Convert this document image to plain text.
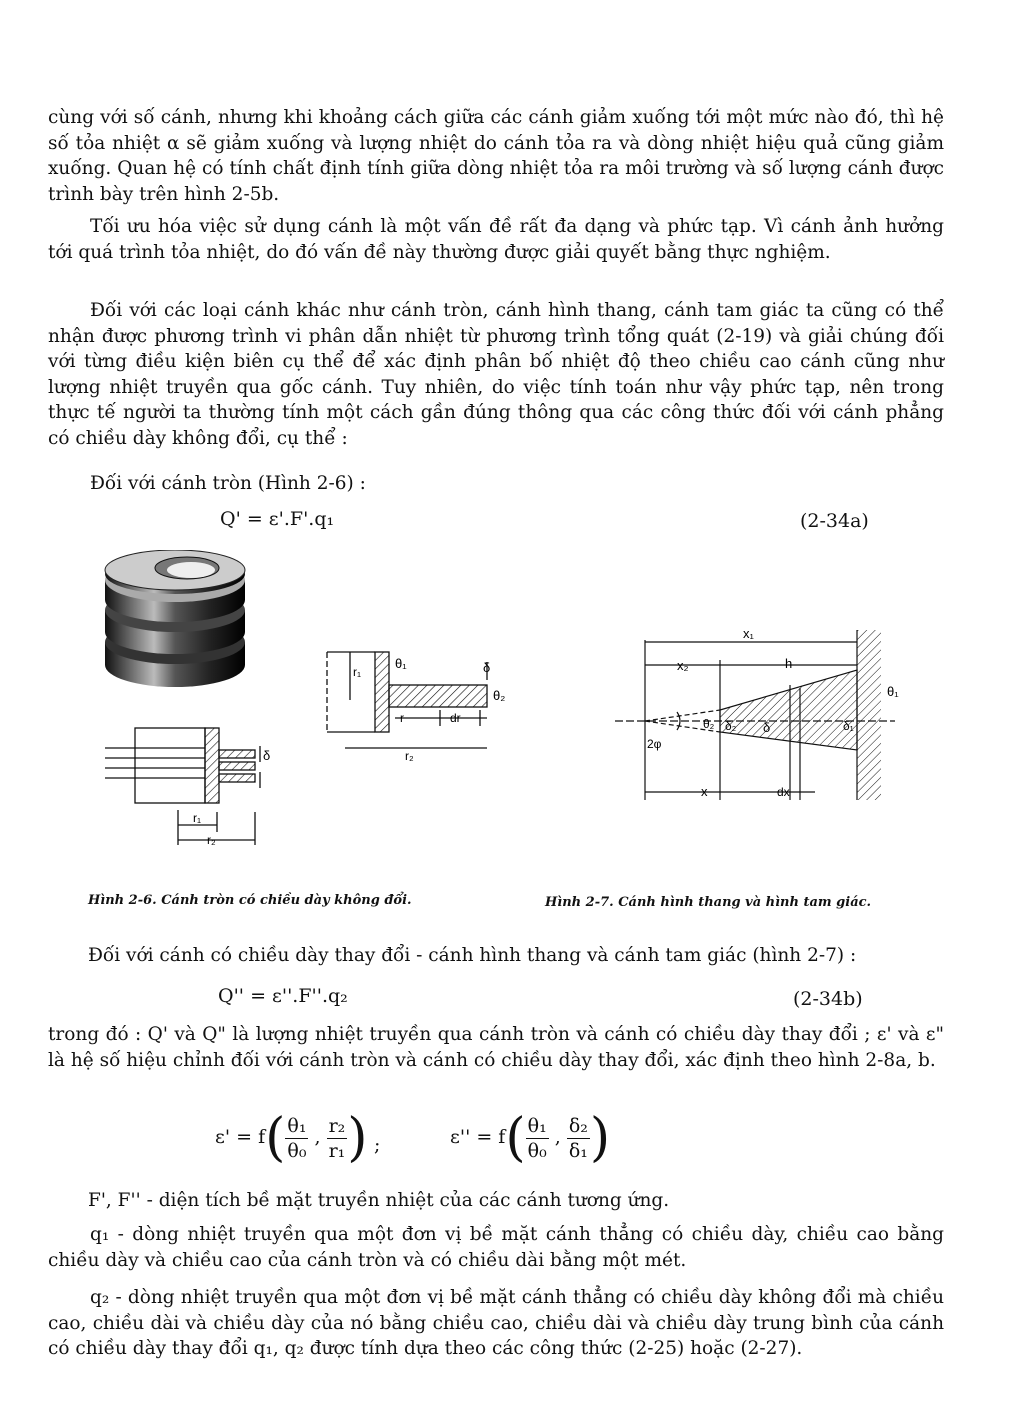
cùng với số cánh, nhưng khi khoảng cách giữa các cánh giảm xuống tới một mức nào đó, thì hệ số tỏa nhiệt α sẽ giảm xuống và lượng nhiệt do cánh tỏa ra và dòng nhiệt hiệu quả cũng giảm xuống. Quan hệ có tính chất định tính giữa dòng nhiệt tỏa ra môi trường và số lượng cánh được trình bày trên hình 2-5b.

Tối ưu hóa việc sử dụng cánh là một vấn đề rất đa dạng và phức tạp. Vì cánh ảnh hưởng tới quá trình tỏa nhiệt, do đó vấn đề này thường được giải quyết bằng thực nghiệm.

Đối với các loại cánh khác như cánh tròn, cánh hình thang, cánh tam giác ta cũng có thể nhận được phương trình vi phân dẫn nhiệt từ phương trình tổng quát (2-19) và giải chúng đối với từng điều kiện biên cụ thể để xác định phân bố nhiệt độ theo chiều cao cánh cũng như lượng nhiệt truyền qua gốc cánh. Tuy nhiên, do việc tính toán như vậy phức tạp, nên trong thực tế người ta thường tính một cách gần đúng thông qua các công thức đối với cánh phẳng có chiều dày không đổi, cụ thể :

Đối với cánh tròn (Hình 2-6) :

Q' = ε'.F'.q₁	(2-34a)
δ
r₁
r₂
r₁
θ₁	δ
θ₂
r	dr
r₂
x₁
x₂	h
θ₁
θ₂ δ₂ δ	δ₁
2φ
x	dx
Hình 2-6. Cánh tròn có chiều dày không đổi.	Hình 2-7. Cánh hình thang và hình tam giác.

Đối với cánh có chiều dày thay đổi - cánh hình thang và cánh tam giác (hình 2-7) :

Q'' = ε''.F''.q₂	(2-34b)

trong đó : Q' và Q" là lượng nhiệt truyền qua cánh tròn và cánh có chiều dày thay đổi ; ε' và ε" là hệ số hiệu chỉnh đối với cánh tròn và cánh có chiều dày thay đổi, xác định theo hình 2-8a, b.

$\varepsilon' = f( \frac{\text{θ₁}}{\text{θ₀}}$ , $\frac{\text{r₂}}{\text{r₁}}$ ) ;	$\varepsilon'' = f( \frac{\text{θ₁}}{\text{θ₀}}$ , $\frac{\text{δ₂}}{\text{δ₁}}$ )

F', F'' - diện tích bề mặt truyền nhiệt của các cánh tương ứng.

q₁ - dòng nhiệt truyền qua một đơn vị bề mặt cánh thẳng có chiều dày, chiều cao bằng chiều dày và chiều cao của cánh tròn và có chiều dài bằng một mét.

q₂ - dòng nhiệt truyền qua một đơn vị bề mặt cánh thẳng có chiều dày không đổi mà chiều cao, chiều dài và chiều dày của nó bằng chiều cao, chiều dài và chiều dày trung bình của cánh có chiều dày thay đổi q₁, q₂ được tính dựa theo các công thức (2-25) hoặc (2-27).
